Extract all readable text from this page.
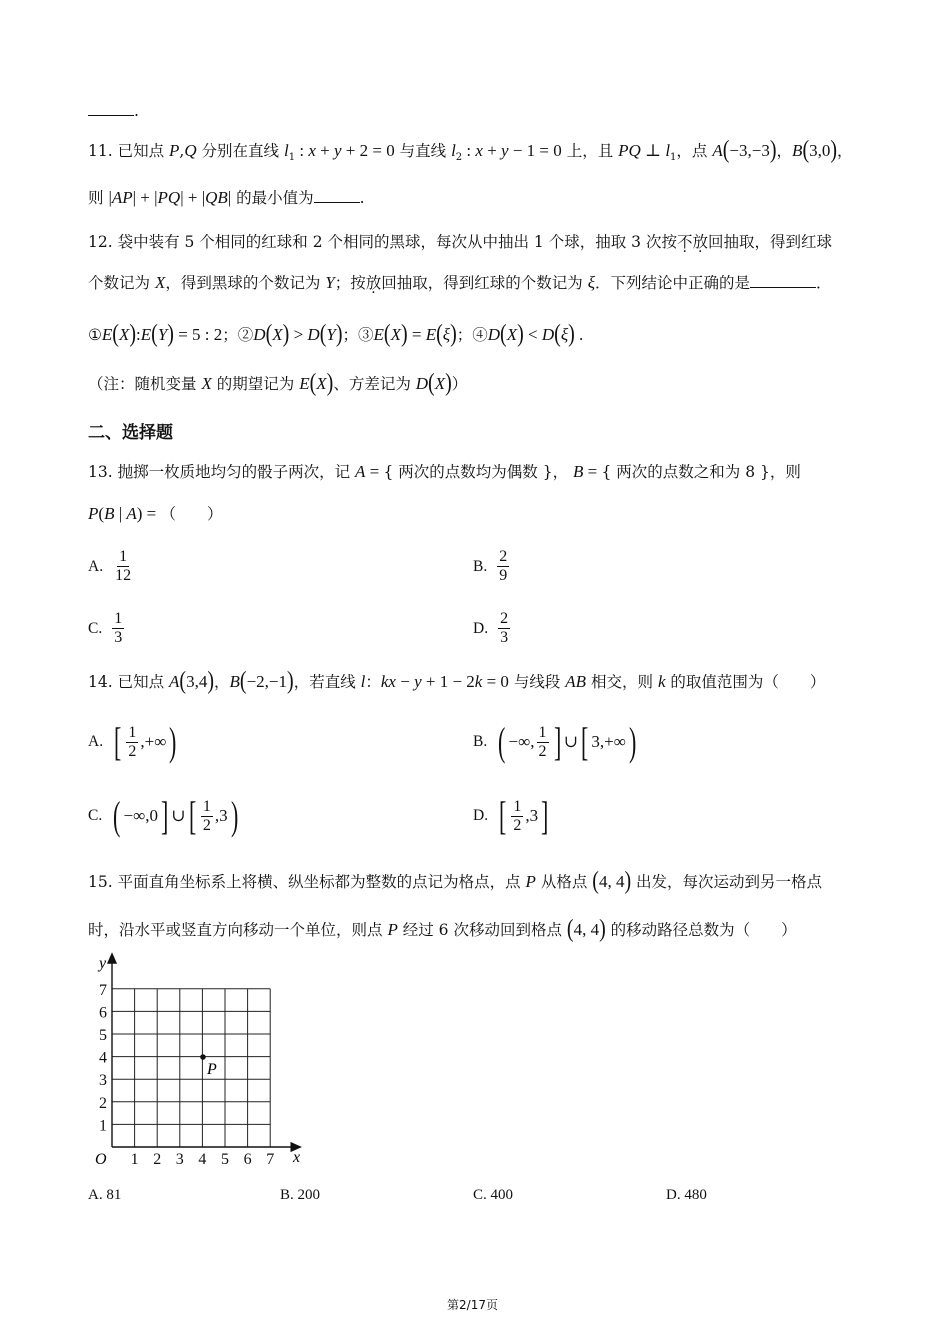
.
11. 已知点 P,Q 分别在直线 $l_1$ : x + y + 2 = 0 与直线 $l_2$ : x + y − 1 = 0 上，且 PQ ⊥ $l_1$，点 A(−3,−3)，B(3,0)，
则 |AP| + |PQ| + |QB| 的最小值为	.
12. 袋中装有 5 个相同的红球和 2 个相同的黑球，每次从中抽出 1 个球，抽取 3 次按不放回抽取，得到红球
个数记为 X，得到黑球的个数记为 Y；按放回抽取，得到红球的个数记为 ξ．下列结论中正确的是	．
①E(X):E(Y) = 5 : 2；②D(X) > D(Y)；③E(X) = E(ξ)；④D(X) < D(ξ) .
（注：随机变量 X 的期望记为 E(X)、方差记为 D(X)）
二、选择题
13. 抛掷一枚质地均匀的骰子两次，记 A = { 两次的点数均为偶数 }， B = { 两次的点数之和为 8 }，则
P(B | A) = （　　）
A. $\frac{1}{12}$	B. $\frac{2}{9}$
C. $\frac{1}{3}$	D. $\frac{2}{3}$
14. 已知点 A(3,4)，B(−2,−1)，若直线 l：kx − y + 1 − 2k = 0 与线段 AB 相交，则 k 的取值范围为（　　）
A. [ $\frac{1}{2}$ ,+∞ )	B. ( −∞, $\frac{1}{2}$ ] ∪ [ 3,+∞ )
C. ( −∞,0 ] ∪ [ $\frac{1}{2} ,3$ )	D. [ $\frac{1}{2} ,3$ ]
15. 平面直角坐标系上将横、纵坐标都为整数的点记为格点，点 P 从格点 (4, 4) 出发，每次运动到另一格点
时，沿水平或竖直方向移动一个单位，则点 P 经过 6 次移动回到格点 (4, 4) 的移动路径总数为（　　）
1 2 3 4 5 6 7
1
2
3
4
5
6
7
x
y
O
P
A. 81	B. 200	C. 400	D. 480
第2/17页
